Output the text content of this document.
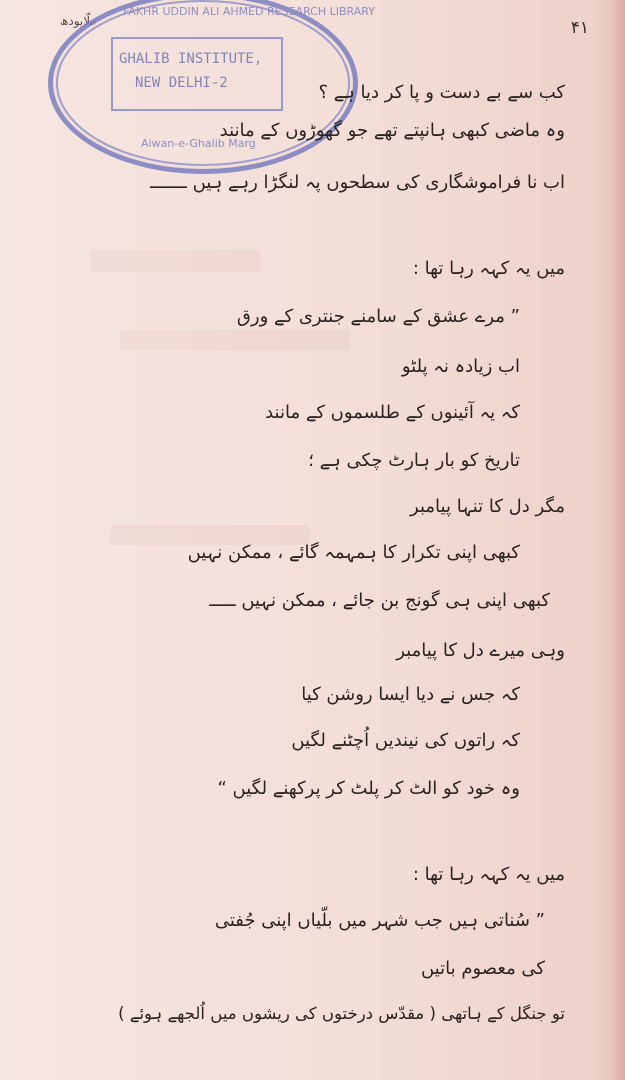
ملّایودھ
FAKHR UDDIN ALI AHMED RESEARCH LIBRARY
GHALIB INSTITUTE,
NEW DELHI-2
Aiwan-e-Ghalib Marg
۴۱
کب سے بے دست و پا کر دیا ہے ؟
وہ ماضی کبھی ہانپتے تھے جو گھوڑوں کے مانند
اب نا فراموشگاری کی سطحوں پہ لنگڑا رہے ہیں ـــــــ
میں یہ کہہ رہا تھا :
” مرے عشق کے سامنے جنتری کے ورق
اب زیادہ نہ پلٹو
کہ یہ آئینوں کے طلسموں کے مانند
تاریخ کو بار ہارٹ چکی ہے ؛
مگر دل کا تنہا پیامبر
کبھی اپنی تکرار کا ہمہمہ گائے ، ممکن نہیں
کبھی اپنی ہی گونج بن جائے ، ممکن نہیں ـــــ
وہی میرے دل کا پیامبر
کہ جس نے دیا ایسا روشن کیا
کہ راتوں کی نیندیں اُچٹنے لگیں
وہ خود کو الٹ کر پلٹ کر پرکھنے لگیں “
میں یہ کہہ رہا تھا :
” سُناتی ہیں جب شہر میں بلّیاں اپنی جُفتی
کی معصوم باتیں
تو جنگل کے ہاتھی ( مقدّس درختوں کی ریشوں میں اُلجھے ہوئے )
